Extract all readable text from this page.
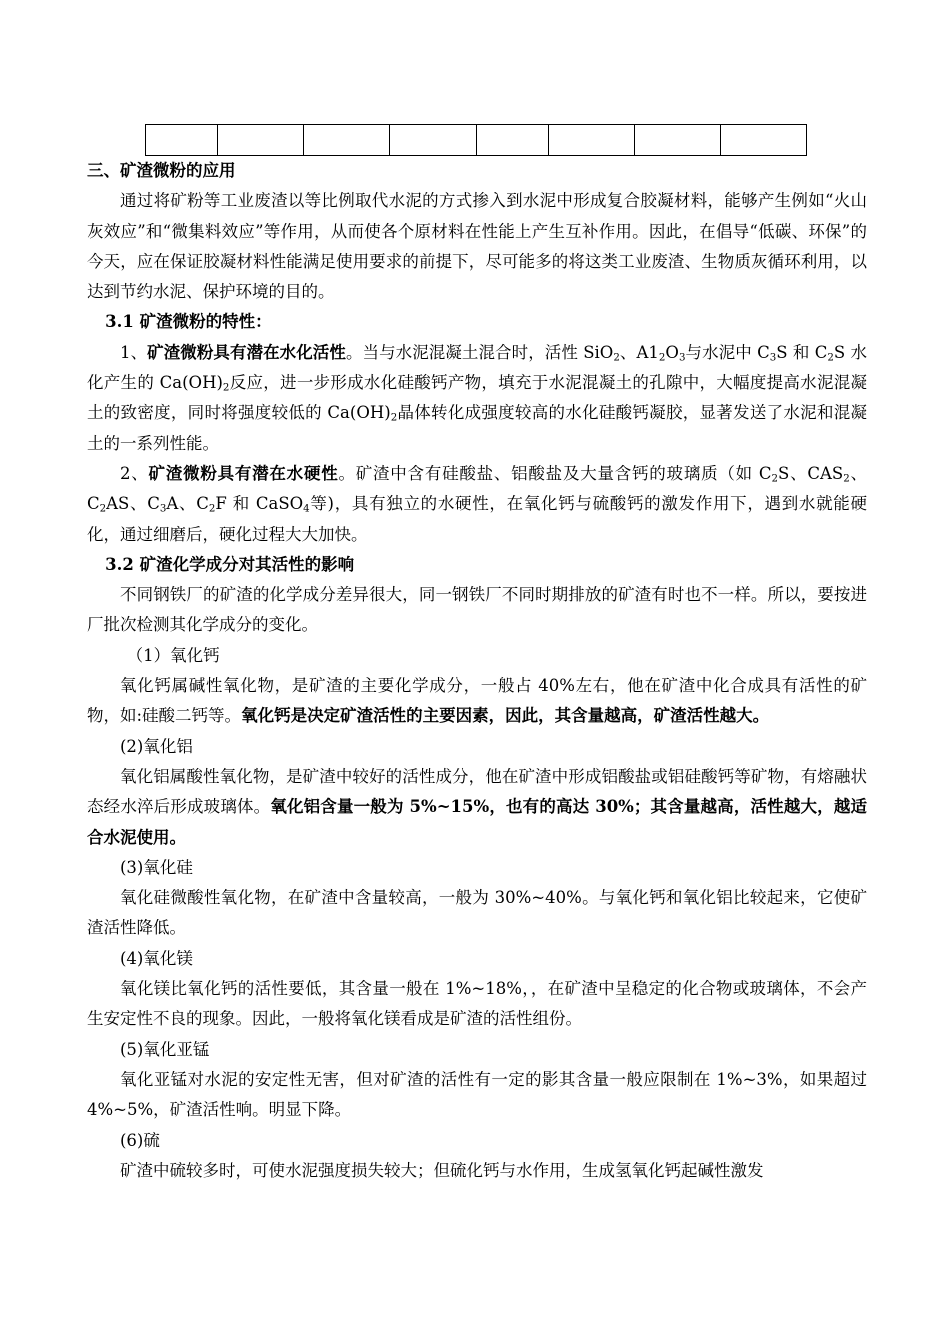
三、矿渣微粉的应用

通过将矿粉等工业废渣以等比例取代水泥的方式掺入到水泥中形成复合胶凝材料，能够产生例如“火山灰效应”和“微集料效应”等作用，从而使各个原材料在性能上产生互补作用。因此，在倡导“低碳、环保”的今天，应在保证胶凝材料性能满足使用要求的前提下，尽可能多的将这类工业废渣、生物质灰循环利用，以达到节约水泥、保护环境的目的。

3.1 矿渣微粉的特性：

1、矿渣微粉具有潜在水化活性。当与水泥混凝土混合时，活性 SiO$_2$、$A1_2O_3$与水泥中 $C_3S$ 和 $C_2S$ 水化产生的 $Ca(OH)_2$反应，进一步形成水化硅酸钙产物，填充于水泥混凝土的孔隙中，大幅度提高水泥混凝土的致密度，同时将强度较低的 $Ca(OH)_2$晶体转化成强度较高的水化硅酸钙凝胶，显著发送了水泥和混凝土的一系列性能。

2、矿渣微粉具有潜在水硬性。矿渣中含有硅酸盐、铝酸盐及大量含钙的玻璃质（如 $C_2S$、$CAS_2$、$C_2AS$、$C_3A$、$C_2F$ 和 CaSO$_4$等)，具有独立的水硬性，在氧化钙与硫酸钙的激发作用下，遇到水就能硬化，通过细磨后，硬化过程大大加快。

3.2 矿渣化学成分对其活性的影响

不同钢铁厂的矿渣的化学成分差异很大，同一钢铁厂不同时期排放的矿渣有时也不一样。所以，要按进厂批次检测其化学成分的变化。

（1）氧化钙

氧化钙属碱性氧化物，是矿渣的主要化学成分，一般占 40%左右，他在矿渣中化合成具有活性的矿物，如:硅酸二钙等。氧化钙是决定矿渣活性的主要因素，因此，其含量越高，矿渣活性越大。

(2)氧化铝

氧化铝属酸性氧化物，是矿渣中较好的活性成分，他在矿渣中形成铝酸盐或铝硅酸钙等矿物，有熔融状态经水淬后形成玻璃体。氧化铝含量一般为 5%~15%，也有的高达 30%；其含量越高，活性越大，越适合水泥使用。

(3)氧化硅

氧化硅微酸性氧化物，在矿渣中含量较高，一般为 30%~40%。与氧化钙和氧化铝比较起来，它使矿渣活性降低。

(4)氧化镁

氧化镁比氧化钙的活性要低，其含量一般在 1%~18%，，在矿渣中呈稳定的化合物或玻璃体，不会产生安定性不良的现象。因此，一般将氧化镁看成是矿渣的活性组份。

(5)氧化亚锰

氧化亚锰对水泥的安定性无害，但对矿渣的活性有一定的影其含量一般应限制在 1%~3%，如果超过 4%~5%，矿渣活性响。明显下降。

(6)硫

矿渣中硫较多时，可使水泥强度损失较大；但硫化钙与水作用，生成氢氧化钙起碱性激发
